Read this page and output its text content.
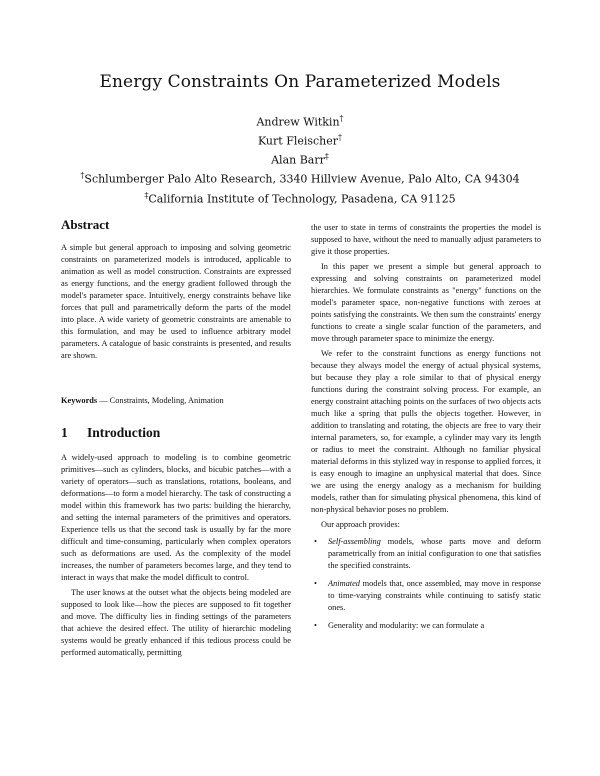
Energy Constraints On Parameterized Models
Andrew Witkin†
Kurt Fleischer†
Alan Barr‡
†Schlumberger Palo Alto Research, 3340 Hillview Avenue, Palo Alto, CA 94304
‡California Institute of Technology, Pasadena, CA 91125
Abstract

A simple but general approach to imposing and solving geometric constraints on parameterized models is introduced, applicable to animation as well as model construction. Constraints are expressed as energy functions, and the energy gradient followed through the model's parameter space. Intuitively, energy constraints behave like forces that pull and parametrically deform the parts of the model into place. A wide variety of geometric constraints are amenable to this formulation, and may be used to influence arbitrary model parameters. A catalogue of basic constraints is presented, and results are shown.

Keywords — Constraints, Modeling, Animation
1 Introduction

A widely-used approach to modeling is to combine geometric primitives—such as cylinders, blocks, and bicubic patches—with a variety of operators—such as translations, rotations, booleans, and deformations—to form a model hierarchy. The task of constructing a model within this framework has two parts: building the hierarchy, and setting the internal parameters of the primitives and operators. Experience tells us that the second task is usually by far the more difficult and time-consuming, particularly when complex operators such as deformations are used. As the complexity of the model increases, the number of parameters becomes large, and they tend to interact in ways that make the model difficult to control.

The user knows at the outset what the objects being modeled are supposed to look like—how the pieces are supposed to fit together and move. The difficulty lies in finding settings of the parameters that achieve the desired effect. The utility of hierarchic modeling systems would be greatly enhanced if this tedious process could be performed automatically, permitting

the user to state in terms of constraints the properties the model is supposed to have, without the need to manually adjust parameters to give it those properties.

In this paper we present a simple but general approach to expressing and solving constraints on parameterized model hierarchies. We formulate constraints as "energy" functions on the model's parameter space, non-negative functions with zeroes at points satisfying the constraints. We then sum the constraints' energy functions to create a single scalar function of the parameters, and move through parameter space to minimize the energy.

We refer to the constraint functions as energy functions not because they always model the energy of actual physical systems, but because they play a role similar to that of physical energy functions during the constraint solving process. For example, an energy constraint attaching points on the surfaces of two objects acts much like a spring that pulls the objects together. However, in addition to translating and rotating, the objects are free to vary their internal parameters, so, for example, a cylinder may vary its length or radius to meet the constraint. Although no familiar physical material deforms in this stylized way in response to applied forces, it is easy enough to imagine an unphysical material that does. Since we are using the energy analogy as a mechanism for building models, rather than for simulating physical phenomena, this kind of non-physical behavior poses no problem.

Our approach provides:

• Self-assembling models, whose parts move and deform parametrically from an initial configuration to one that satisfies the specified constraints.
• Animated models that, once assembled, may move in response to time-varying constraints while continuing to satisfy static ones.
• Generality and modularity: we can formulate a
